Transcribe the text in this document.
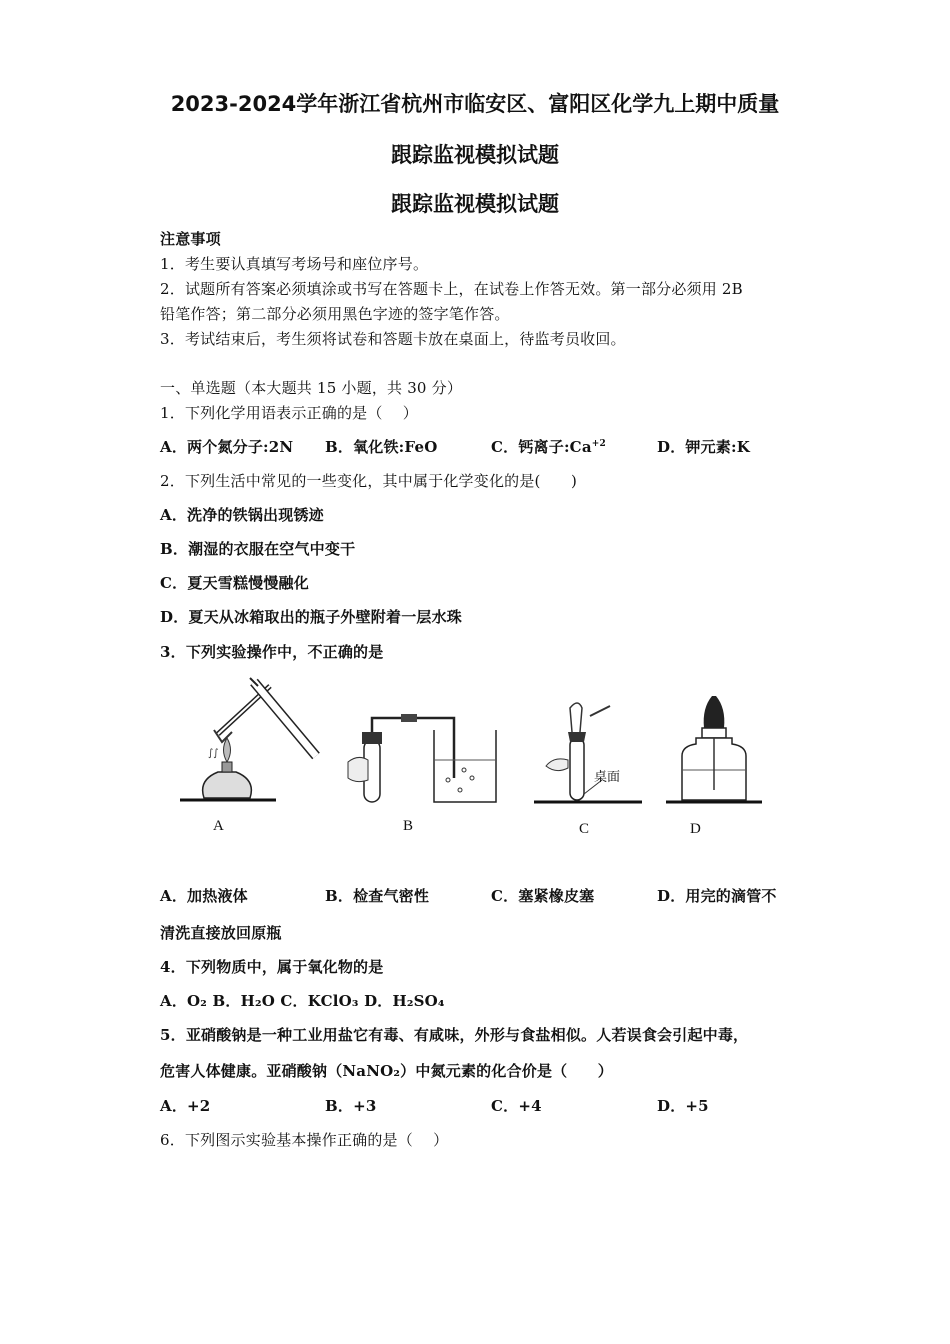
2023-2024学年浙江省杭州市临安区、富阳区化学九上期中质量
跟踪监视模拟试题
跟踪监视模拟试题
注意事项
1．考生要认真填写考场号和座位序号。
2．试题所有答案必须填涂或书写在答题卡上，在试卷上作答无效。第一部分必须用 2B
铅笔作答；第二部分必须用黑色字迹的签字笔作答。
3．考试结束后，考生须将试卷和答题卡放在桌面上，待监考员收回。
一、单选题（本大题共 15 小题，共 30 分）
1．下列化学用语表示正确的是（　 ）
A．两个氮分子:2N B．氧化铁:FeO	C．钙离子$:Ca^{+2}$	D．钾元素:K
2．下列生活中常见的一些变化，其中属于化学变化的是(　　)
A．洗净的铁锅出现锈迹
B．潮湿的衣服在空气中变干
C．夏天雪糕慢慢融化
D．夏天从冰箱取出的瓶子外壁附着一层水珠
3．下列实验操作中，不正确的是
∫∫
A	B
桌面
C	D
A．加热液体	B．检查气密性	C．塞紧橡皮塞	D．用完的滴管不
清洗直接放回原瓶
4．下列物质中，属于氧化物的是
A．O₂ B．H₂O C．KClO₃ D．H₂SO₄
5．亚硝酸钠是一种工业用盐它有毒、有咸味，外形与食盐相似。人若误食会引起中毒，
危害人体健康。亚硝酸钠（NaNO₂）中氮元素的化合价是（　　）
A．+2	B．+3	C．+4	D．+5
6．下列图示实验基本操作正确的是（　 ）
